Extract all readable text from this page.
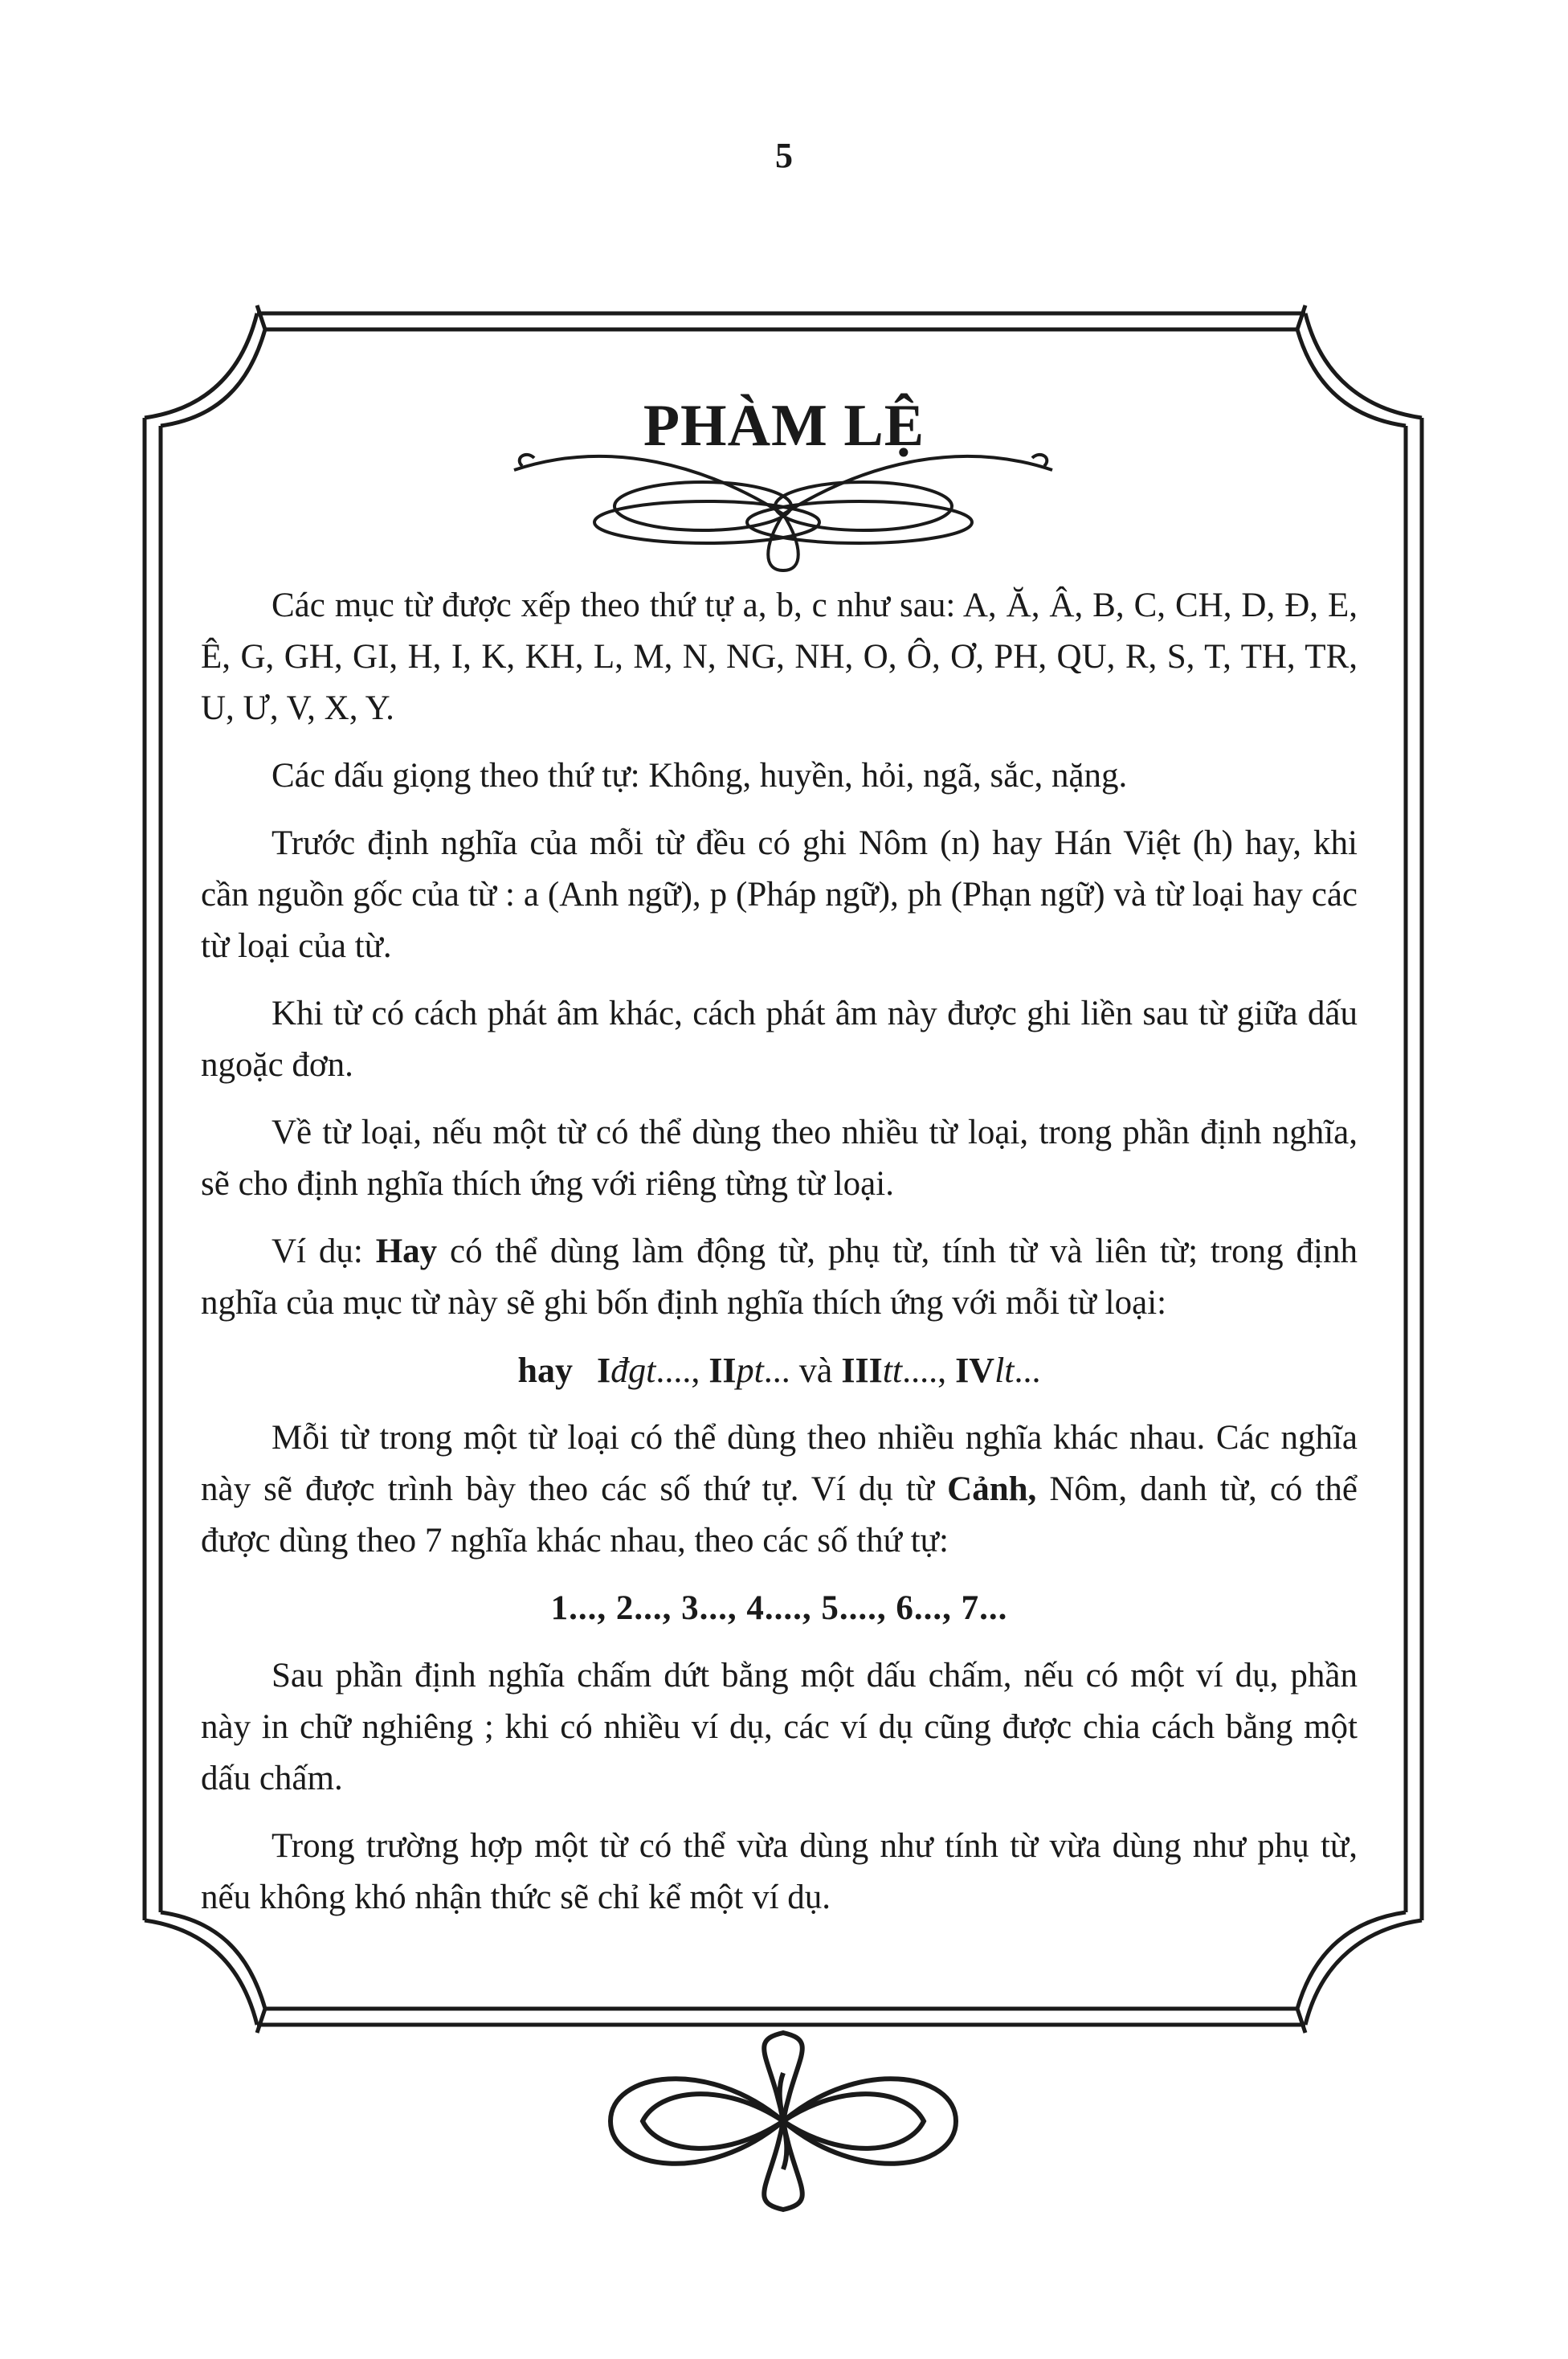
5
PHÀM LỆ

Các mục từ được xếp theo thứ tự a, b, c như sau: A, Ă, Â, B, C, CH, D, Đ, E, Ê, G, GH, GI, H, I, K, KH, L, M, N, NG, NH, O, Ô, Ơ, PH, QU, R, S, T, TH, TR, U, Ư, V, X, Y.

Các dấu giọng theo thứ tự: Không, huyền, hỏi, ngã, sắc, nặng.

Trước định nghĩa của mỗi từ đều có ghi Nôm (n) hay Hán Việt (h) hay, khi cần nguồn gốc của từ : a (Anh ngữ), p (Pháp ngữ), ph (Phạn ngữ) và từ loại hay các từ loại của từ.

Khi từ có cách phát âm khác, cách phát âm này được ghi liền sau từ giữa dấu ngoặc đơn.

Về từ loại, nếu một từ có thể dùng theo nhiều từ loại, trong phần định nghĩa, sẽ cho định nghĩa thích ứng với riêng từng từ loại.

Ví dụ: Hay có thể dùng làm động từ, phụ từ, tính từ và liên từ; trong định nghĩa của mục từ này sẽ ghi bốn định nghĩa thích ứng với mỗi từ loại:

hay Iđgt...., IIpt... và IIItt...., IVlt...

Mỗi từ trong một từ loại có thể dùng theo nhiều nghĩa khác nhau. Các nghĩa này sẽ được trình bày theo các số thứ tự. Ví dụ từ Cảnh, Nôm, danh từ, có thể được dùng theo 7 nghĩa khác nhau, theo các số thứ tự:

1..., 2..., 3..., 4...., 5...., 6..., 7...

Sau phần định nghĩa chấm dứt bằng một dấu chấm, nếu có một ví dụ, phần này in chữ nghiêng ; khi có nhiều ví dụ, các ví dụ cũng được chia cách bằng một dấu chấm.

Trong trường hợp một từ có thể vừa dùng như tính từ vừa dùng như phụ từ, nếu không khó nhận thức sẽ chỉ kể một ví dụ.
